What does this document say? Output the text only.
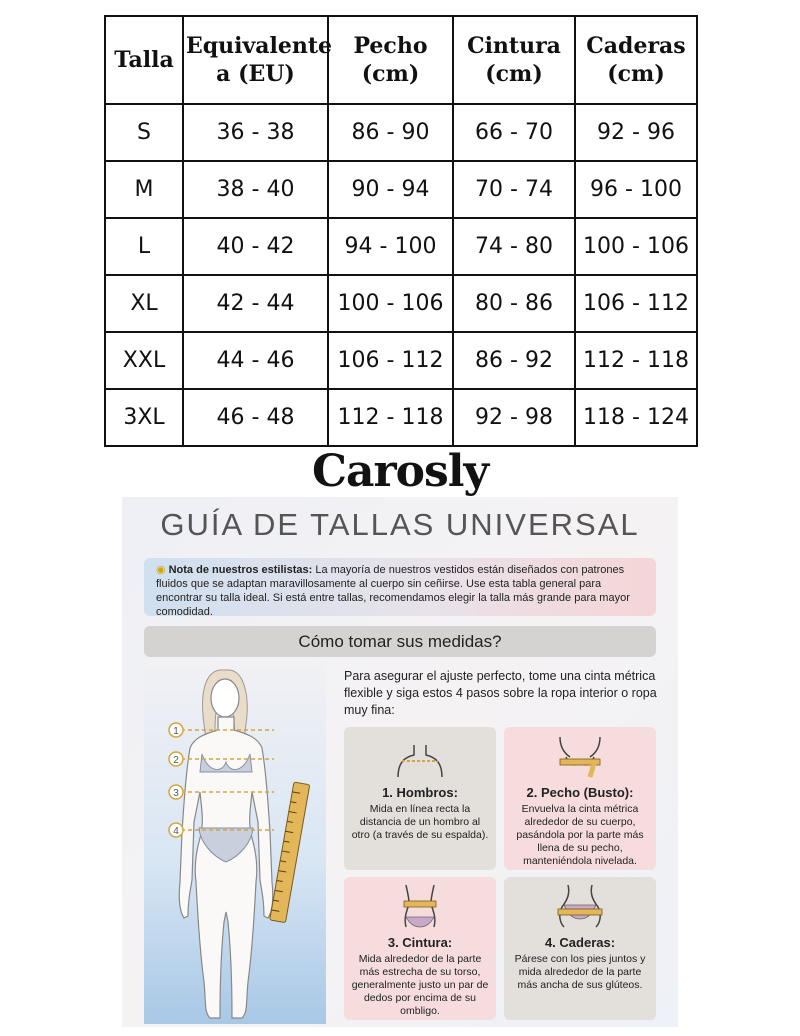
Talla	Equivalente a (EU)	Pecho (cm)	Cintura (cm)	Caderas (cm)
S	36 - 38	86 - 90	66 - 70	92 - 96
M	38 - 40	90 - 94	70 - 74	96 - 100
L	40 - 42	94 - 100	74 - 80	100 - 106
XL	42 - 44	100 - 106	80 - 86	106 - 112
XXL	44 - 46	106 - 112	86 - 92	112 - 118
3XL	46 - 48	112 - 118	92 - 98	118 - 124
Carosly
GUÍA DE TALLAS UNIVERSAL
◉ Nota de nuestros estilistas: La mayoría de nuestros vestidos están diseñados con patrones fluidos que se adaptan maravillosamente al cuerpo sin ceñirse. Use esta tabla general para encontrar su talla ideal. Si está entre tallas, recomendamos elegir la talla más grande para mayor comodidad.
Cómo tomar sus medidas?
1
2
3
4
Para asegurar el ajuste perfecto, tome una cinta métrica flexible y siga estos 4 pasos sobre la ropa interior o ropa muy fina:
1. Hombros:
Mida en línea recta la distancia de un hombro al otro (a través de su espalda).
2. Pecho (Busto):
Envuelva la cinta métrica alrededor de su cuerpo, pasándola por la parte más llena de su pecho, manteniéndola nivelada.
3. Cintura:
Mida alrededor de la parte más estrecha de su torso, generalmente justo un par de dedos por encima de su ombligo.
4. Caderas:
Párese con los pies juntos y mida alrededor de la parte más ancha de sus glúteos.
